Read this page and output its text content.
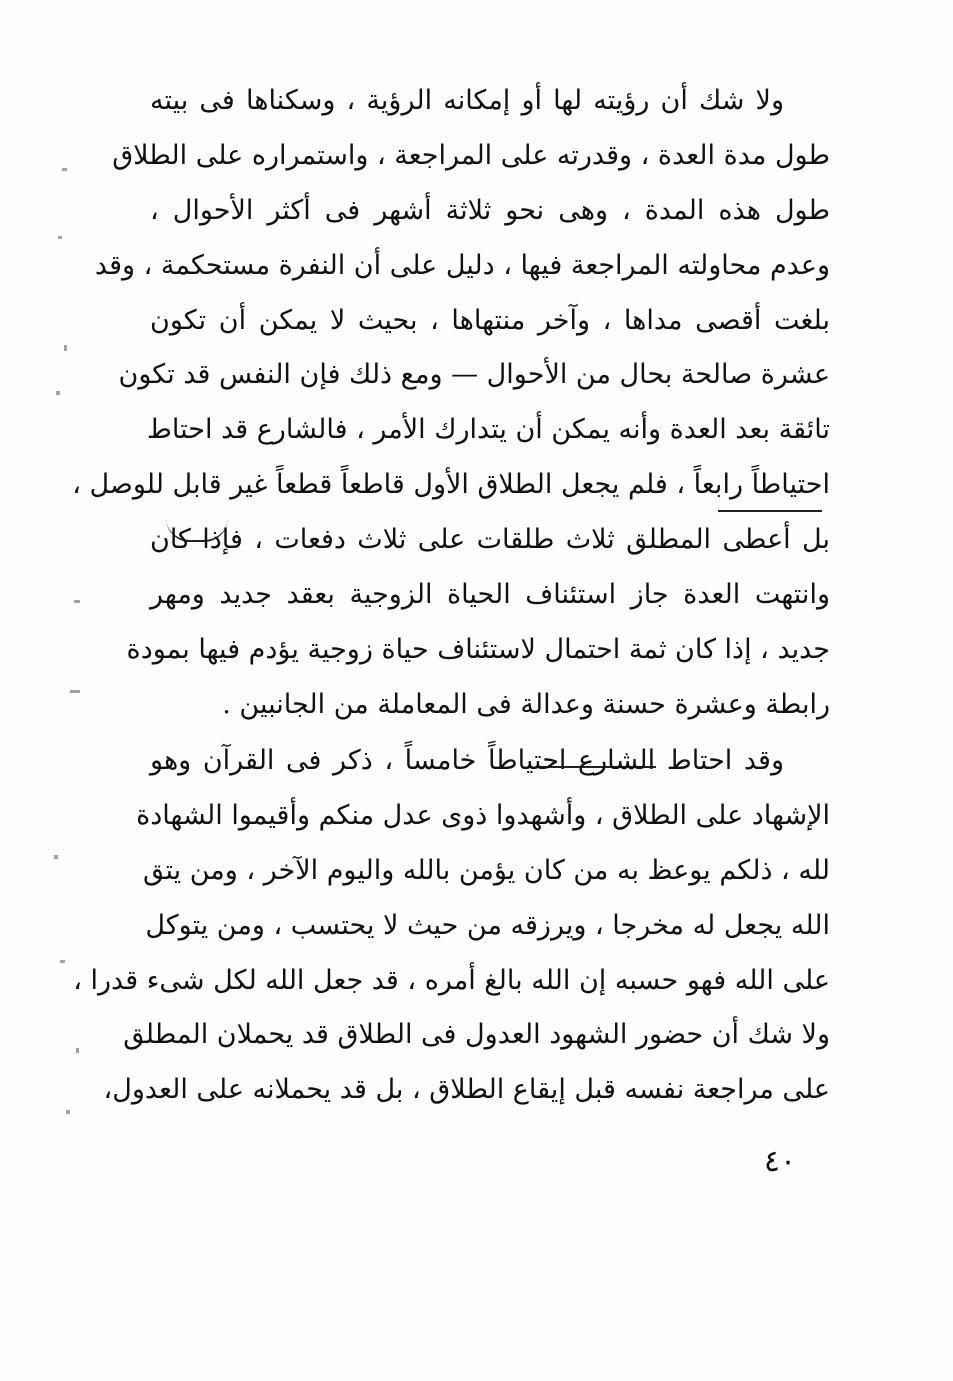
ولا شك أن رؤيته لها أو إمكانه الرؤية ، وسكناها فى بيته
طول مدة العدة ، وقدرته على المراجعة ، واستمراره على الطلاق
طول هذه المدة ، وهى نحو ثلاثة أشهر فى أكثر الأحوال ،
وعدم محاولته المراجعة فيها ، دليل على أن النفرة مستحكمة ، وقد
بلغت أقصى مداها ، وآخر منتهاها ، بحيث لا يمكن أن تكون
عشرة صالحة بحال من الأحوال — ومع ذلك فإن النفس قد تكون
تائقة بعد العدة وأنه يمكن أن يتدارك الأمر ، فالشارع قد احتاط
احتياطاً رابعاً ، فلم يجعل الطلاق الأول قاطعاً قطعاً غير قابل للوصل ،
بل أعطى المطلق ثلاث طلقات على ثلاث دفعات ، فإذا كان
وانتهت العدة جاز استئناف الحياة الزوجية بعقد جديد ومهر
جديد ، إذا كان ثمة احتمال لاستئناف حياة زوجية يؤدم فيها بمودة
رابطة وعشرة حسنة وعدالة فى المعاملة من الجانبين .
وقد احتاط الشارع احتياطاً خامساً ، ذكر فى القرآن وهو
الإشهاد على الطلاق ، وأشهدوا ذوى عدل منكم وأقيموا الشهادة
لله ، ذلكم يوعظ به من كان يؤمن بالله واليوم الآخر ، ومن يتق
الله يجعل له مخرجا ، ويرزقه من حيث لا يحتسب ، ومن يتوكل
على الله فهو حسبه إن الله بالغ أمره ، قد جعل الله لكل شىء قدرا ،
ولا شك أن حضور الشهود العدول فى الطلاق قد يحملان المطلق
على مراجعة نفسه قبل إيقاع الطلاق ، بل قد يحملانه على العدول،
٤٠
